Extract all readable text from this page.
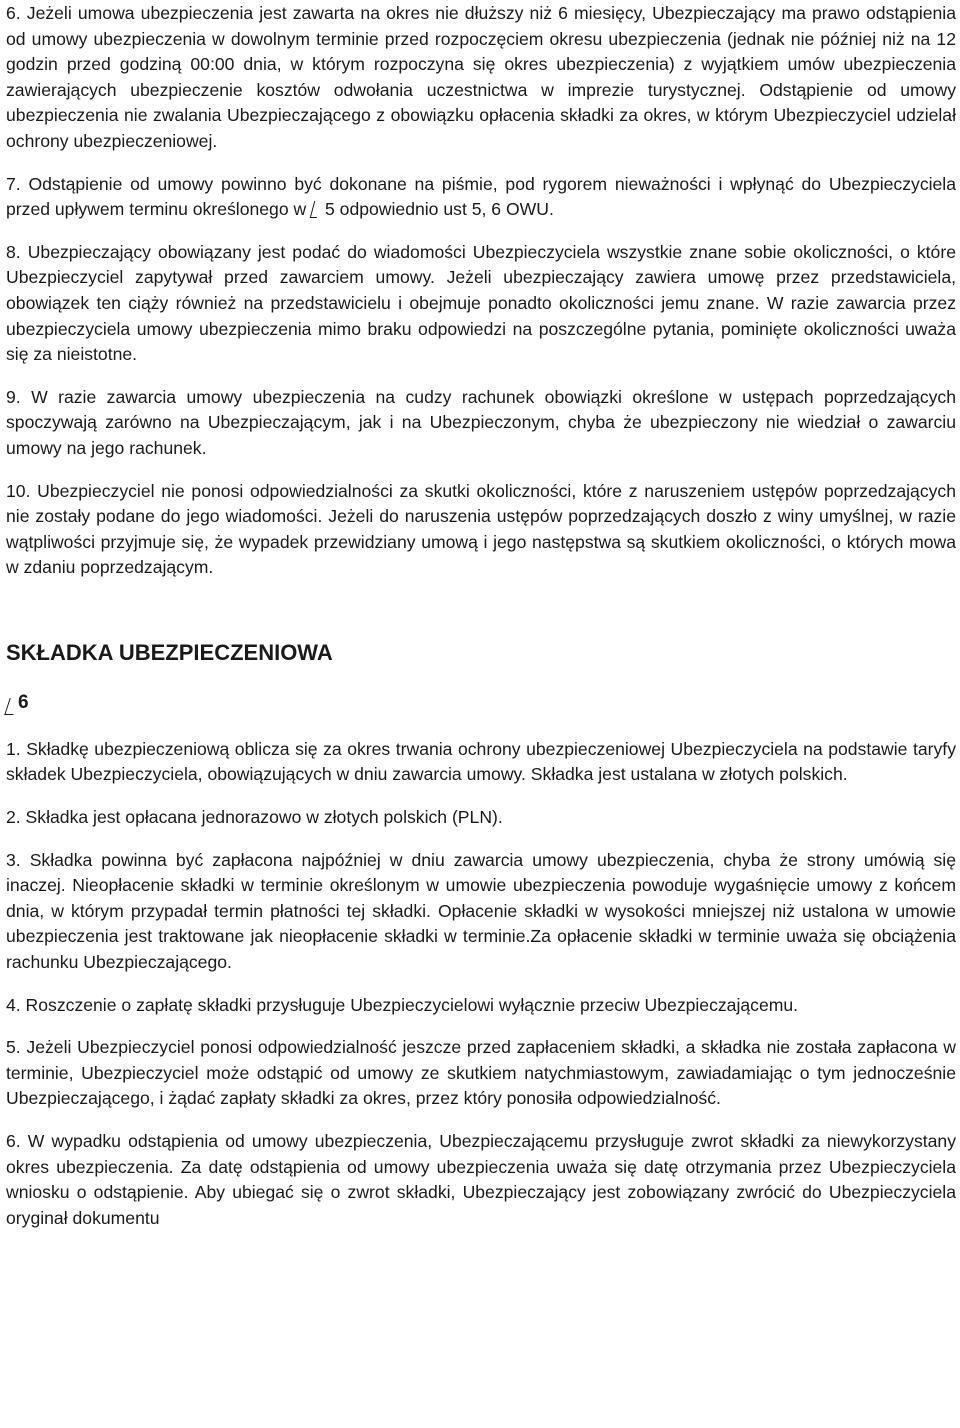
6. Jeżeli umowa ubezpieczenia jest zawarta na okres nie dłuższy niż 6 miesięcy, Ubezpieczający ma prawo odstąpienia od umowy ubezpieczenia w dowolnym terminie przed rozpoczęciem okresu ubezpieczenia (jednak nie później niż na 12 godzin przed godziną 00:00 dnia, w którym rozpoczyna się okres ubezpieczenia) z wyjątkiem umów ubezpieczenia zawierających ubezpieczenie kosztów odwołania uczestnictwa w imprezie turystycznej. Odstąpienie od umowy ubezpieczenia nie zwalania Ubezpieczającego z obowiązku opłacenia składki za okres, w którym Ubezpieczyciel udzielał ochrony ubezpieczeniowej.

7. Odstąpienie od umowy powinno być dokonane na piśmie, pod rygorem nieważności i wpłynąć do Ubezpieczyciela przed upływem terminu określonego w  5 odpowiednio ust 5, 6 OWU.

8. Ubezpieczający obowiązany jest podać do wiadomości Ubezpieczyciela wszystkie znane sobie okoliczności, o które Ubezpieczyciel zapytywał przed zawarciem umowy. Jeżeli ubezpieczający zawiera umowę przez przedstawiciela, obowiązek ten ciąży również na przedstawicielu i obejmuje ponadto okoliczności jemu znane. W razie zawarcia przez ubezpieczyciela umowy ubezpieczenia mimo braku odpowiedzi na poszczególne pytania, pominięte okoliczności uważa się za nieistotne.

9. W razie zawarcia umowy ubezpieczenia na cudzy rachunek obowiązki określone w ustępach poprzedzających spoczywają zarówno na Ubezpieczającym, jak i na Ubezpieczonym, chyba że ubezpieczony nie wiedział o zawarciu umowy na jego rachunek.

10. Ubezpieczyciel nie ponosi odpowiedzialności za skutki okoliczności, które z naruszeniem ustępów poprzedzających nie zostały podane do jego wiadomości. Jeżeli do naruszenia ustępów poprzedzających doszło z winy umyślnej, w razie wątpliwości przyjmuje się, że wypadek przewidziany umową i jego następstwa są skutkiem okoliczności, o których mowa w zdaniu poprzedzającym.

SKŁADKA UBEZPIECZENIOWA
6

1. Składkę ubezpieczeniową oblicza się za okres trwania ochrony ubezpieczeniowej Ubezpieczyciela na podstawie taryfy składek Ubezpieczyciela, obowiązujących w dniu zawarcia umowy. Składka jest ustalana w złotych polskich.

2. Składka jest opłacana jednorazowo w złotych polskich (PLN).

3. Składka powinna być zapłacona najpóźniej w dniu zawarcia umowy ubezpieczenia, chyba że strony umówią się inaczej. Nieopłacenie składki w terminie określonym w umowie ubezpieczenia powoduje wygaśnięcie umowy z końcem dnia, w którym przypadał termin płatności tej składki. Opłacenie składki w wysokości mniejszej niż ustalona w umowie ubezpieczenia jest traktowane jak nieopłacenie składki w terminie.Za opłacenie składki w terminie uważa się obciążenia rachunku Ubezpieczającego.

4. Roszczenie o zapłatę składki przysługuje Ubezpieczycielowi wyłącznie przeciw Ubezpieczającemu.

5. Jeżeli Ubezpieczyciel ponosi odpowiedzialność jeszcze przed zapłaceniem składki, a składka nie została zapłacona w terminie, Ubezpieczyciel może odstąpić od umowy ze skutkiem natychmiastowym, zawiadamiając o tym jednocześnie Ubezpieczającego, i żądać zapłaty składki za okres, przez który ponosiła odpowiedzialność.

6. W wypadku odstąpienia od umowy ubezpieczenia, Ubezpieczającemu przysługuje zwrot składki za niewykorzystany okres ubezpieczenia. Za datę odstąpienia od umowy ubezpieczenia uważa się datę otrzymania przez Ubezpieczyciela wniosku o odstąpienie. Aby ubiegać się o zwrot składki, Ubezpieczający jest zobowiązany zwrócić do Ubezpieczyciela oryginał dokumentu
